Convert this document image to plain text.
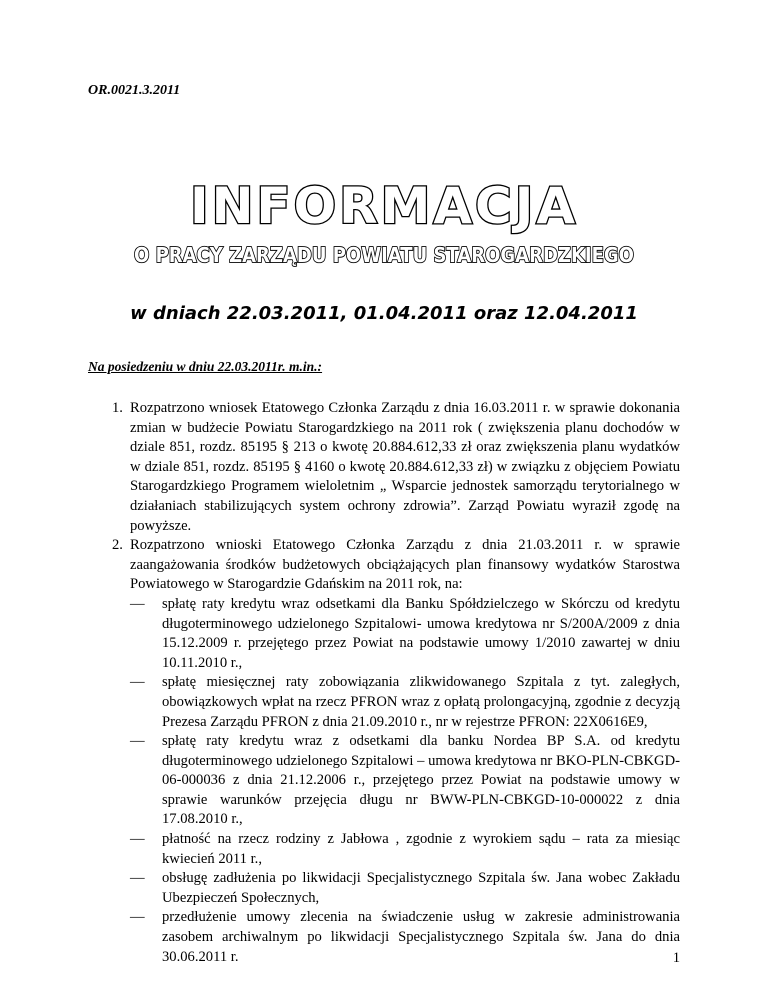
OR.0021.3.2011
INFORMACJA
O PRACY ZARZĄDU POWIATU STAROGARDZKIEGO
w dniach 22.03.2011, 01.04.2011 oraz 12.04.2011
Na posiedzeniu w dniu 22.03.2011r. m.in.:
1. Rozpatrzono wniosek Etatowego Członka Zarządu z dnia 16.03.2011 r. w sprawie dokonania zmian w budżecie Powiatu Starogardzkiego na 2011 rok ( zwiększenia planu dochodów w dziale 851, rozdz. 85195 § 213 o kwotę 20.884.612,33 zł oraz zwiększenia planu wydatków w dziale 851, rozdz. 85195 § 4160 o kwotę 20.884.612,33 zł) w związku z objęciem Powiatu Starogardzkiego Programem wieloletnim „ Wsparcie jednostek samorządu terytorialnego w działaniach stabilizujących system ochrony zdrowia”. Zarząd Powiatu wyraził zgodę na powyższe.
2. Rozpatrzono wnioski Etatowego Członka Zarządu z dnia 21.03.2011 r. w sprawie zaangażowania środków budżetowych obciążających plan finansowy wydatków Starostwa Powiatowego w Starogardzie Gdańskim na 2011 rok, na:
— spłatę raty kredytu wraz odsetkami dla Banku Spółdzielczego w Skórczu od kredytu długoterminowego udzielonego Szpitalowi- umowa kredytowa nr S/200A/2009 z dnia 15.12.2009 r. przejętego przez Powiat na podstawie umowy 1/2010 zawartej w dniu 10.11.2010 r.,
— spłatę miesięcznej raty zobowiązania zlikwidowanego Szpitala z tyt. zaległych, obowiązkowych wpłat na rzecz PFRON wraz z opłatą prolongacyjną, zgodnie z decyzją Prezesa Zarządu PFRON z dnia 21.09.2010 r., nr w rejestrze PFRON: 22X0616E9,
— spłatę raty kredytu wraz z odsetkami dla banku Nordea BP S.A. od kredytu długoterminowego udzielonego Szpitalowi – umowa kredytowa nr BKO-PLN-CBKGD-06-000036 z dnia 21.12.2006 r., przejętego przez Powiat na podstawie umowy w sprawie warunków przejęcia długu nr BWW-PLN-CBKGD-10-000022 z dnia 17.08.2010 r.,
— płatność na rzecz rodziny z Jabłowa , zgodnie z wyrokiem sądu – rata za miesiąc kwiecień 2011 r.,
— obsługę zadłużenia po likwidacji Specjalistycznego Szpitala św. Jana wobec Zakładu Ubezpieczeń Społecznych,
— przedłużenie umowy zlecenia na świadczenie usług w zakresie administrowania zasobem archiwalnym po likwidacji Specjalistycznego Szpitala św. Jana do dnia 30.06.2011 r.	1
